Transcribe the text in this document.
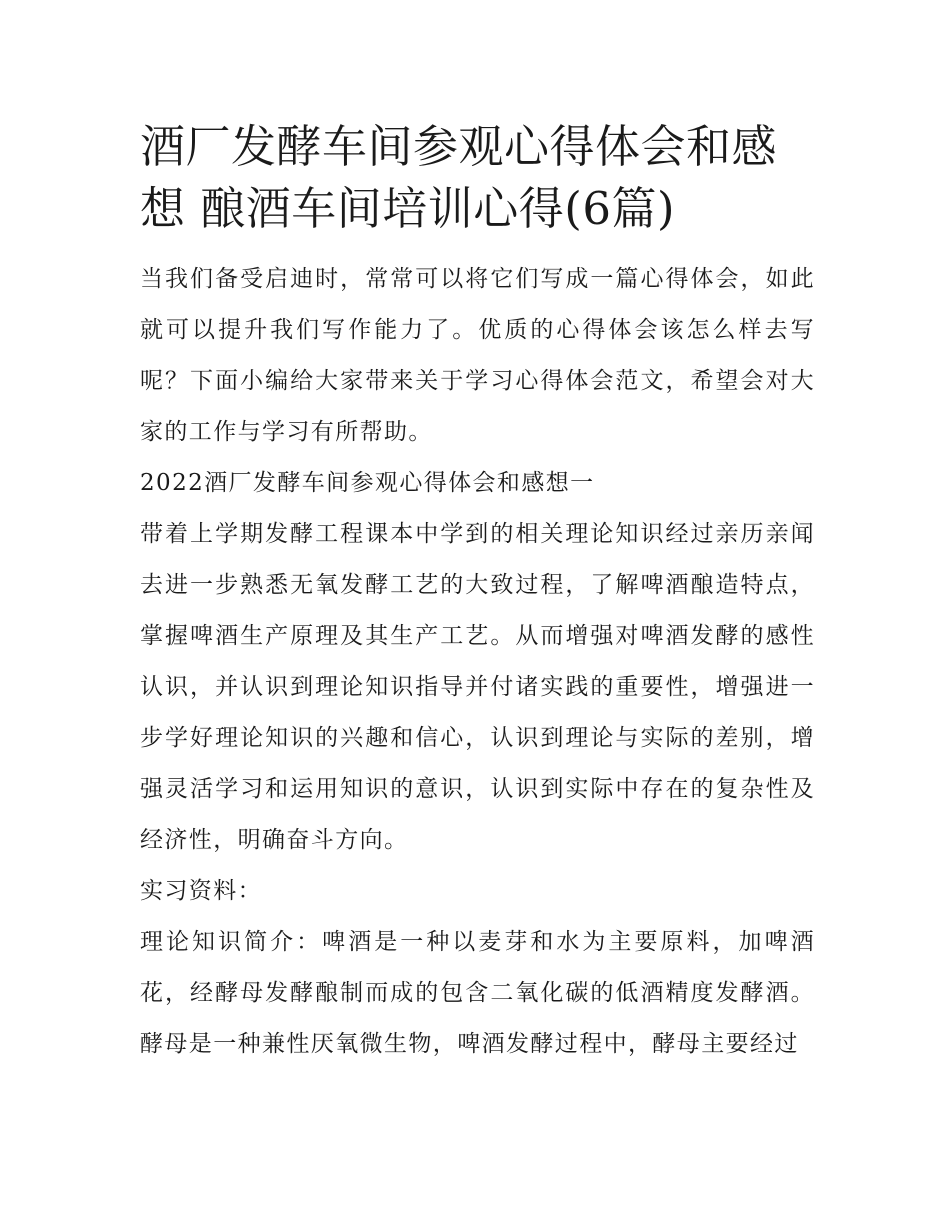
酒厂发酵车间参观心得体会和感想 酿酒车间培训心得(6篇)

当我们备受启迪时，常常可以将它们写成一篇心得体会，如此就可以提升我们写作能力了。优质的心得体会该怎么样去写呢？下面小编给大家带来关于学习心得体会范文，希望会对大家的工作与学习有所帮助。

2022酒厂发酵车间参观心得体会和感想一

带着上学期发酵工程课本中学到的相关理论知识经过亲历亲闻去进一步熟悉无氧发酵工艺的大致过程，了解啤酒酿造特点，掌握啤酒生产原理及其生产工艺。从而增强对啤酒发酵的感性认识，并认识到理论知识指导并付诸实践的重要性，增强进一步学好理论知识的兴趣和信心，认识到理论与实际的差别，增强灵活学习和运用知识的意识，认识到实际中存在的复杂性及经济性，明确奋斗方向。

实习资料：

理论知识简介：啤酒是一种以麦芽和水为主要原料，加啤酒花，经酵母发酵酿制而成的包含二氧化碳的低酒精度发酵酒。酵母是一种兼性厌氧微生物，啤酒发酵过程中，酵母主要经过
